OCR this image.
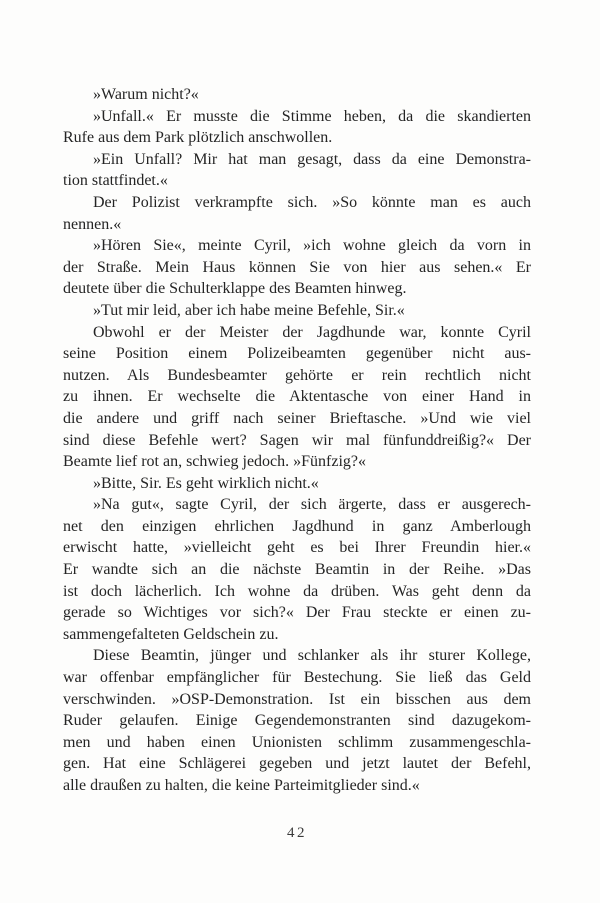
»Warum nicht?«
»Unfall.« Er musste die Stimme heben, da die skandierten
Rufe aus dem Park plötzlich anschwollen.
»Ein Unfall? Mir hat man gesagt, dass da eine Demonstra-
tion stattfindet.«
Der Polizist verkrampfte sich. »So könnte man es auch
nennen.«
»Hören Sie«, meinte Cyril, »ich wohne gleich da vorn in
der Straße. Mein Haus können Sie von hier aus sehen.« Er
deutete über die Schulterklappe des Beamten hinweg.
»Tut mir leid, aber ich habe meine Befehle, Sir.«
Obwohl er der Meister der Jagdhunde war, konnte Cyril
seine Position einem Polizeibeamten gegenüber nicht aus-
nutzen. Als Bundesbeamter gehörte er rein rechtlich nicht
zu ihnen. Er wechselte die Aktentasche von einer Hand in
die andere und griff nach seiner Brieftasche. »Und wie viel
sind diese Befehle wert? Sagen wir mal fünfunddreißig?« Der
Beamte lief rot an, schwieg jedoch. »Fünfzig?«
»Bitte, Sir. Es geht wirklich nicht.«
»Na gut«, sagte Cyril, der sich ärgerte, dass er ausgerech-
net den einzigen ehrlichen Jagdhund in ganz Amberlough
erwischt hatte, »vielleicht geht es bei Ihrer Freundin hier.«
Er wandte sich an die nächste Beamtin in der Reihe. »Das
ist doch lächerlich. Ich wohne da drüben. Was geht denn da
gerade so Wichtiges vor sich?« Der Frau steckte er einen zu-
sammengefalteten Geldschein zu.
Diese Beamtin, jünger und schlanker als ihr sturer Kollege,
war offenbar empfänglicher für Bestechung. Sie ließ das Geld
verschwinden. »OSP-Demonstration. Ist ein bisschen aus dem
Ruder gelaufen. Einige Gegendemonstranten sind dazugekom-
men und haben einen Unionisten schlimm zusammengeschla-
gen. Hat eine Schlägerei gegeben und jetzt lautet der Befehl,
alle draußen zu halten, die keine Parteimitglieder sind.«
42
